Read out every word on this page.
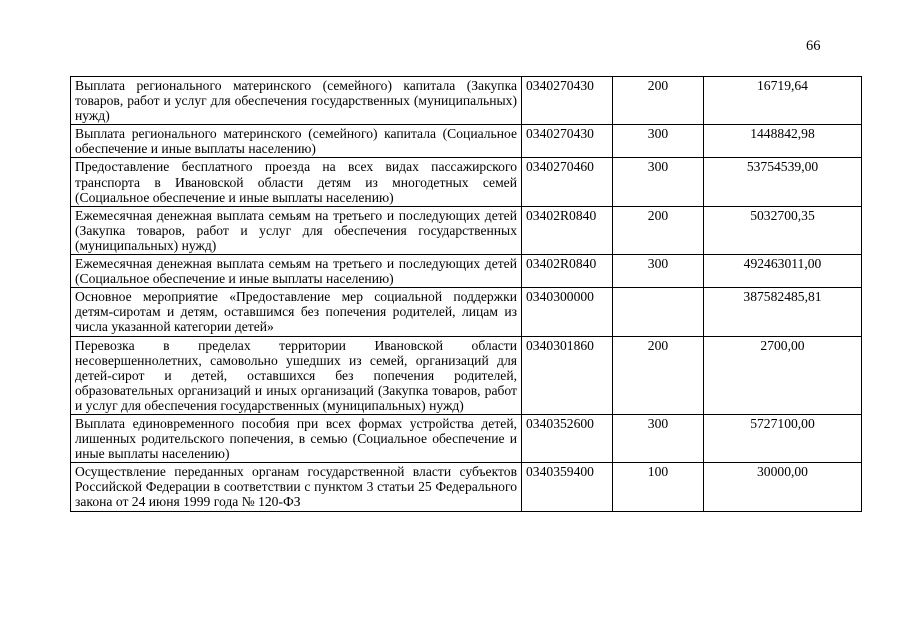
66
Выплата регионального материнского (семейного) капитала (Закупка товаров, работ и услуг для обеспечения государственных (муниципальных) нужд)	0340270430	200	16719,64
Выплата регионального материнского (семейного) капитала (Социальное обеспечение и иные выплаты населению)	0340270430	300	1448842,98
Предоставление бесплатного проезда на всех видах пассажирского транспорта в Ивановской области детям из многодетных семей (Социальное обеспечение и иные выплаты населению)	0340270460	300	53754539,00
Ежемесячная денежная выплата семьям на третьего и последующих детей (Закупка товаров, работ и услуг для обеспечения государственных (муниципальных) нужд)	03402R0840	200	5032700,35
Ежемесячная денежная выплата семьям на третьего и последующих детей (Социальное обеспечение и иные выплаты населению)	03402R0840	300	492463011,00
Основное мероприятие «Предоставление мер социальной поддержки детям-сиротам и детям, оставшимся без попечения родителей, лицам из числа указанной категории детей»	0340300000		387582485,81
Перевозка в пределах территории Ивановской области несовершеннолетних, самовольно ушедших из семей, организаций для детей-сирот и детей, оставшихся без попечения родителей, образовательных организаций и иных организаций (Закупка товаров, работ и услуг для обеспечения государственных (муниципальных) нужд)	0340301860	200	2700,00
Выплата единовременного пособия при всех формах устройства детей, лишенных родительского попечения, в семью (Социальное обеспечение и иные выплаты населению)	0340352600	300	5727100,00
Осуществление переданных органам государственной власти субъектов Российской Федерации в соответствии с пунктом 3 статьи 25 Федерального закона от 24 июня 1999 года № 120-ФЗ	0340359400	100	30000,00
